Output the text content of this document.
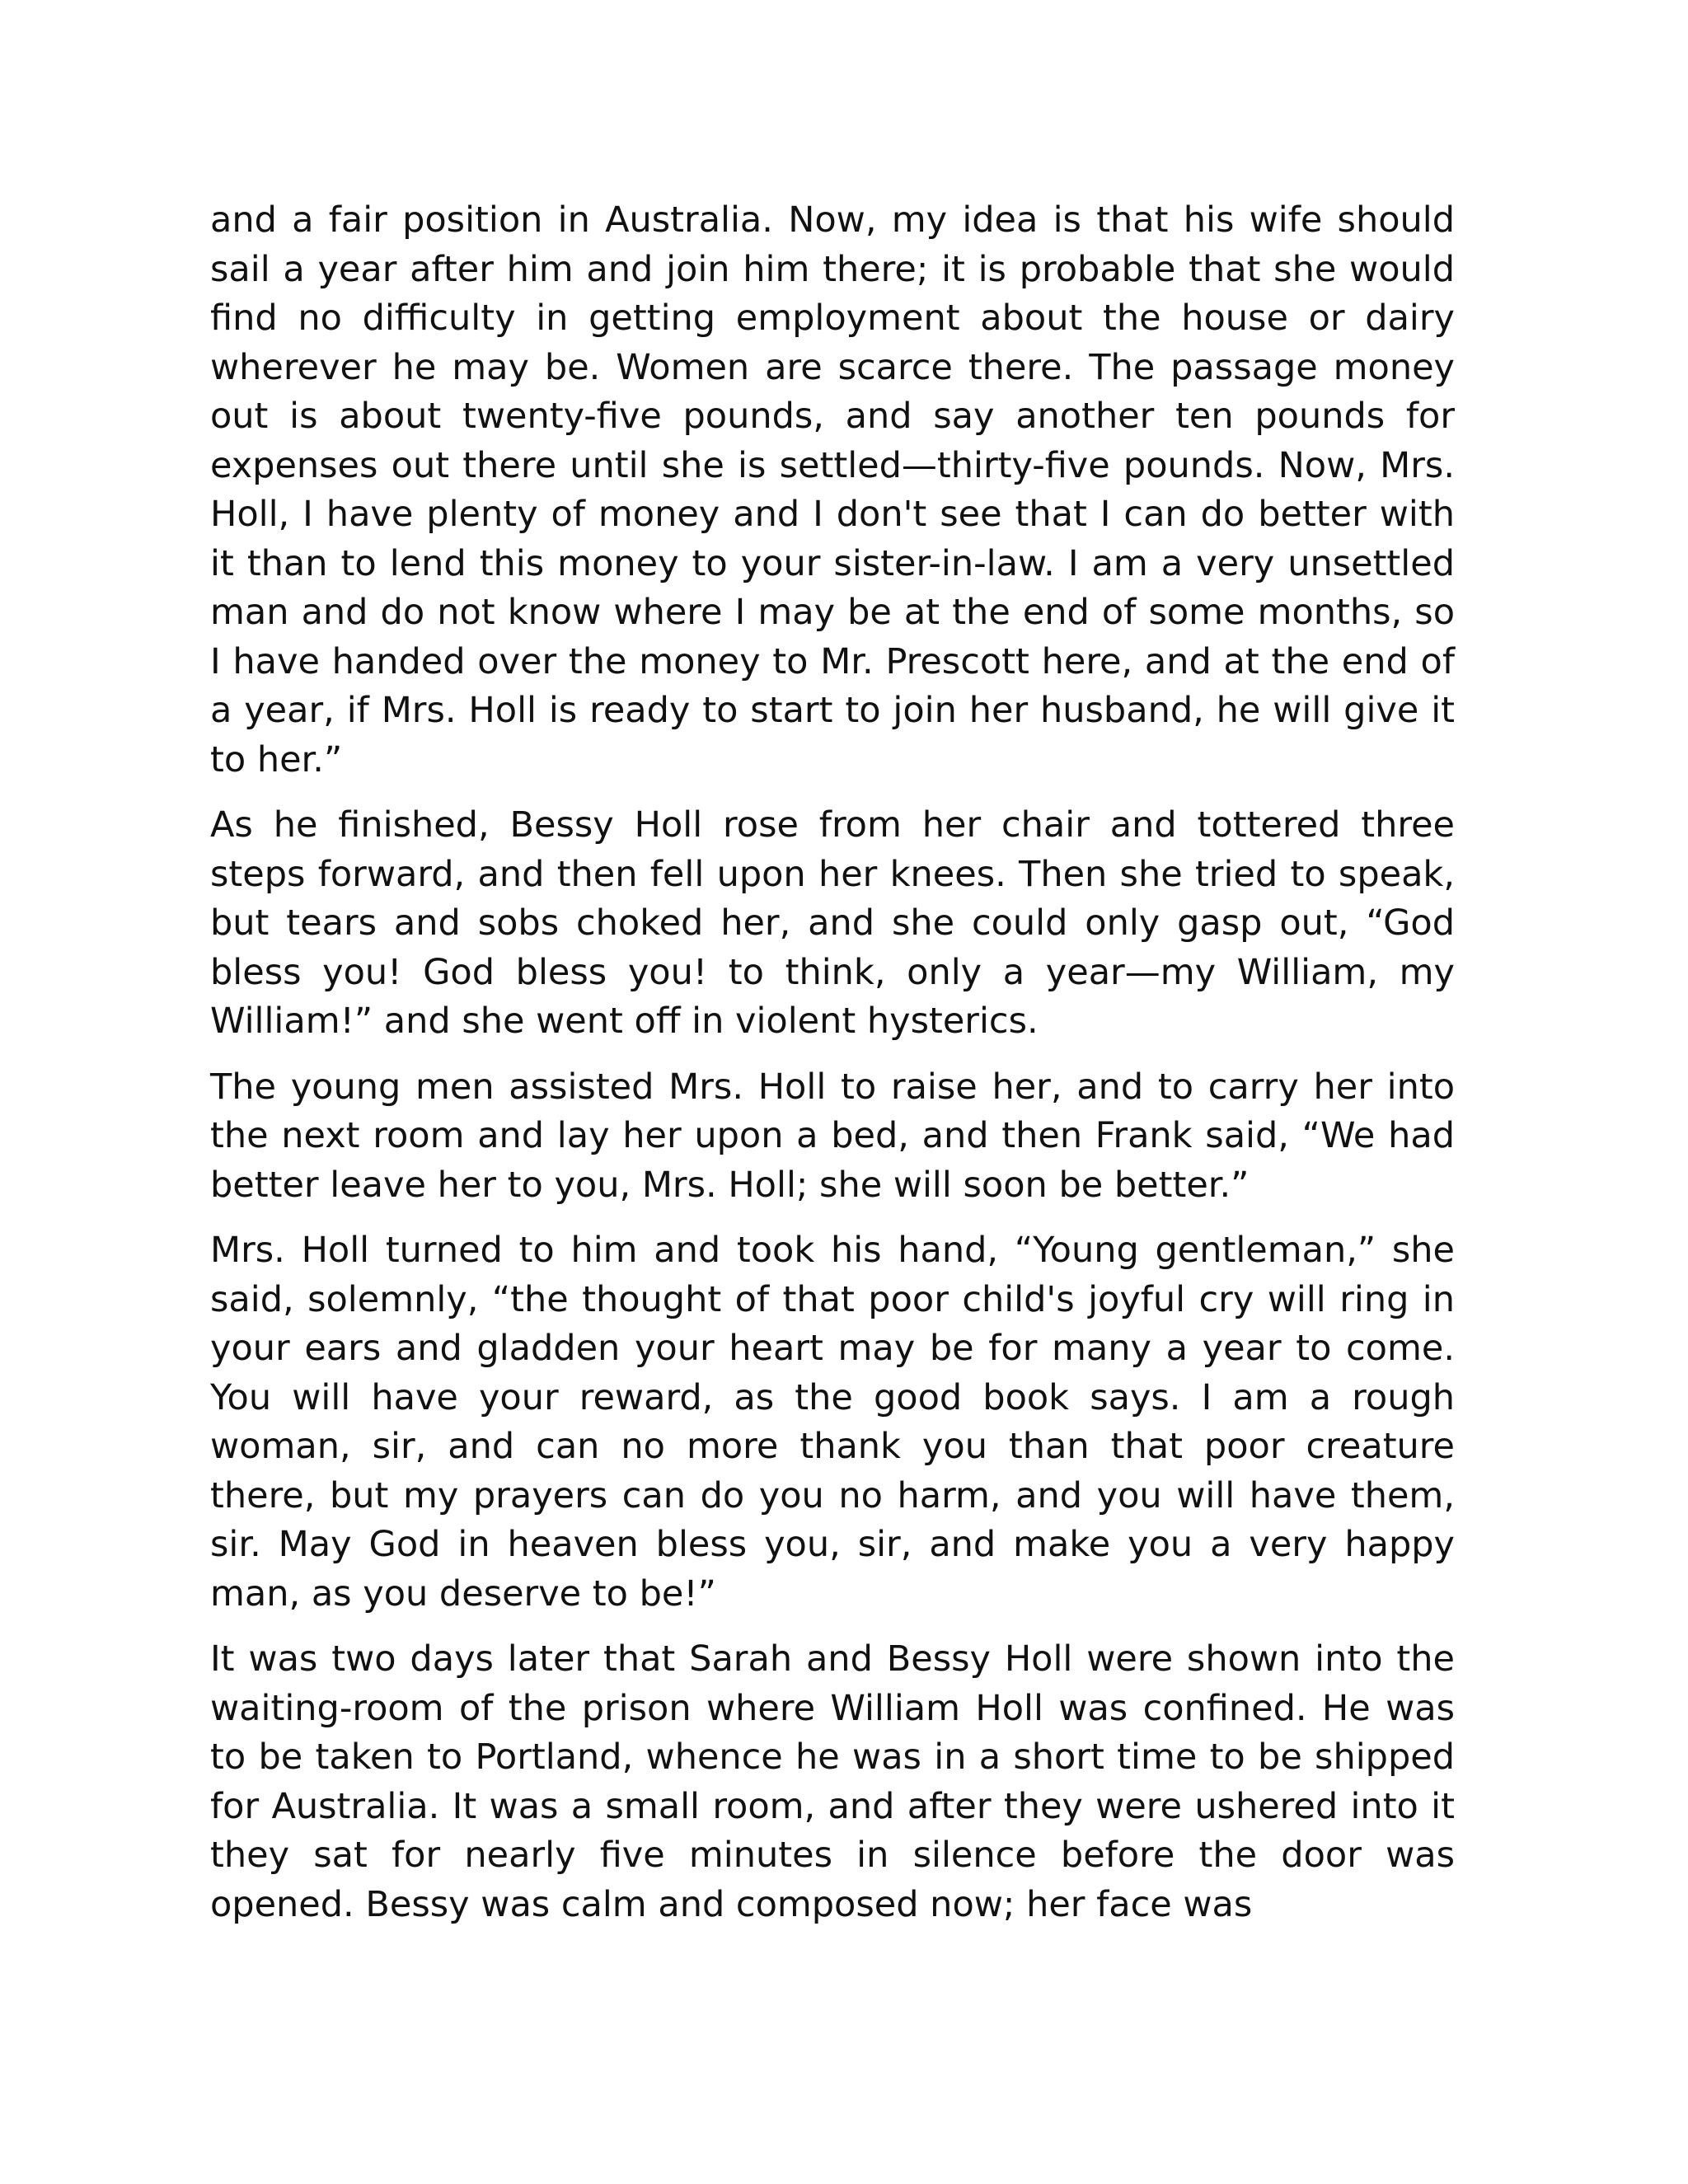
and a fair position in Australia. Now, my idea is that his wife should sail a year after him and join him there; it is probable that she would find no difficulty in getting employment about the house or dairy wherever he may be. Women are scarce there. The passage money out is about twenty-five pounds, and say another ten pounds for expenses out there until she is settled—thirty-five pounds. Now, Mrs. Holl, I have plenty of money and I don't see that I can do better with it than to lend this money to your sister-in-law. I am a very unsettled man and do not know where I may be at the end of some months, so I have handed over the money to Mr. Prescott here, and at the end of a year, if Mrs. Holl is ready to start to join her husband, he will give it to her.”

As he finished, Bessy Holl rose from her chair and tottered three steps forward, and then fell upon her knees. Then she tried to speak, but tears and sobs choked her, and she could only gasp out, “God bless you! God bless you! to think, only a year—my William, my William!” and she went off in violent hysterics.

The young men assisted Mrs. Holl to raise her, and to carry her into the next room and lay her upon a bed, and then Frank said, “We had better leave her to you, Mrs. Holl; she will soon be better.”

Mrs. Holl turned to him and took his hand, “Young gentleman,” she said, solemnly, “the thought of that poor child's joyful cry will ring in your ears and gladden your heart may be for many a year to come. You will have your reward, as the good book says. I am a rough woman, sir, and can no more thank you than that poor creature there, but my prayers can do you no harm, and you will have them, sir. May God in heaven bless you, sir, and make you a very happy man, as you deserve to be!”

It was two days later that Sarah and Bessy Holl were shown into the waiting-room of the prison where William Holl was confined. He was to be taken to Portland, whence he was in a short time to be shipped for Australia. It was a small room, and after they were ushered into it they sat for nearly five minutes in silence before the door was opened. Bessy was calm and composed now; her face was
